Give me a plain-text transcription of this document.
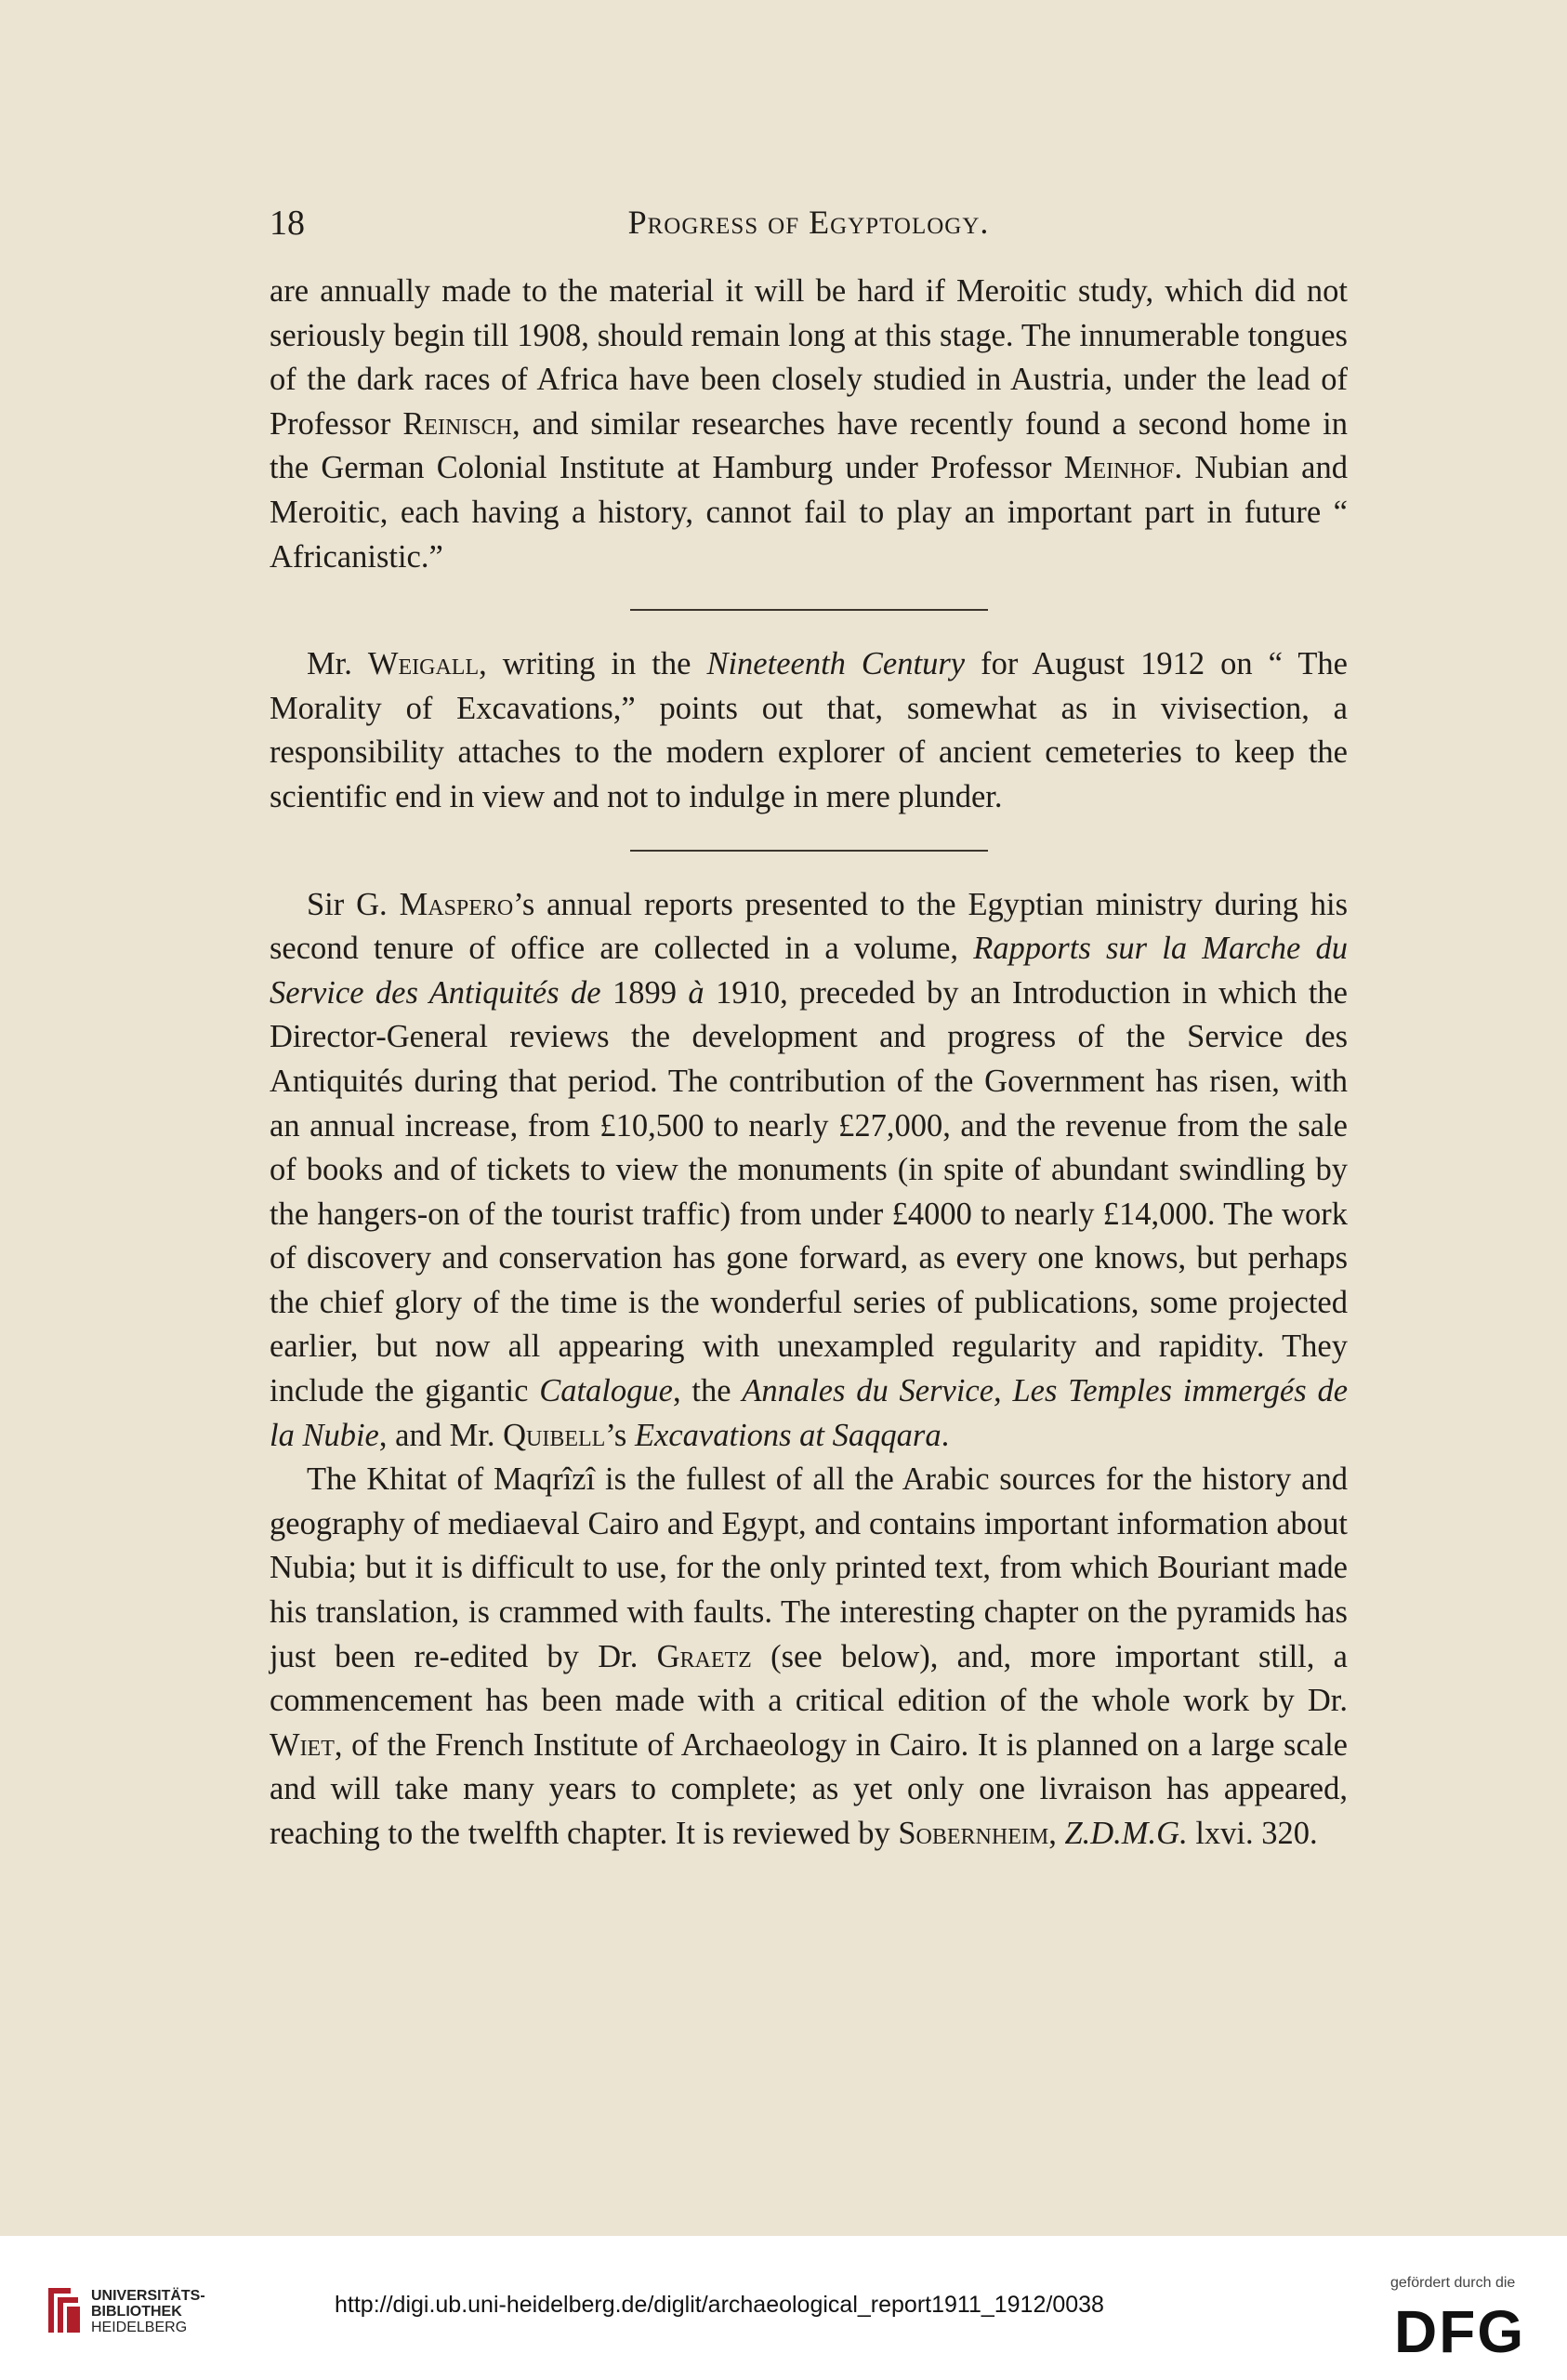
18	Progress of Egyptology.

are annually made to the material it will be hard if Meroitic study, which did not seriously begin till 1908, should remain long at this stage. The innumerable tongues of the dark races of Africa have been closely studied in Austria, under the lead of Professor Reinisch, and similar researches have recently found a second home in the German Colonial Institute at Hamburg under Professor Meinhof. Nubian and Meroitic, each having a history, cannot fail to play an important part in future “ Africanistic.”

Mr. Weigall, writing in the Nineteenth Century for August 1912 on “ The Morality of Excavations,” points out that, somewhat as in vivisection, a responsibility attaches to the modern explorer of ancient cemeteries to keep the scientific end in view and not to indulge in mere plunder.

Sir G. Maspero’s annual reports presented to the Egyptian ministry during his second tenure of office are collected in a volume, Rapports sur la Marche du Service des Antiquités de 1899 à 1910, preceded by an Introduction in which the Director-General reviews the development and progress of the Service des Antiquités during that period. The contribution of the Government has risen, with an annual increase, from £10,500 to nearly £27,000, and the revenue from the sale of books and of tickets to view the monuments (in spite of abundant swindling by the hangers-on of the tourist traffic) from under £4000 to nearly £14,000. The work of discovery and conservation has gone forward, as every one knows, but perhaps the chief glory of the time is the wonderful series of publications, some projected earlier, but now all appearing with unexampled regularity and rapidity. They include the gigantic Catalogue, the Annales du Service, Les Temples immergés de la Nubie, and Mr. Quibell’s Excavations at Saqqara.

The Khitat of Maqrîzî is the fullest of all the Arabic sources for the history and geography of mediaeval Cairo and Egypt, and contains important information about Nubia; but it is difficult to use, for the only printed text, from which Bouriant made his translation, is crammed with faults. The interesting chapter on the pyramids has just been re-edited by Dr. Graetz (see below), and, more important still, a commencement has been made with a critical edition of the whole work by Dr. Wiet, of the French Institute of Archaeology in Cairo. It is planned on a large scale and will take many years to complete; as yet only one livraison has appeared, reaching to the twelfth chapter. It is reviewed by Sobernheim, Z.D.M.G. lxvi. 320.

UNIVERSITÄTS-
BIBLIOTHEK
HEIDELBERG
http://digi.ub.uni-heidelberg.de/diglit/archaeological_report1911_1912/0038
gefördert durch die
DFG
